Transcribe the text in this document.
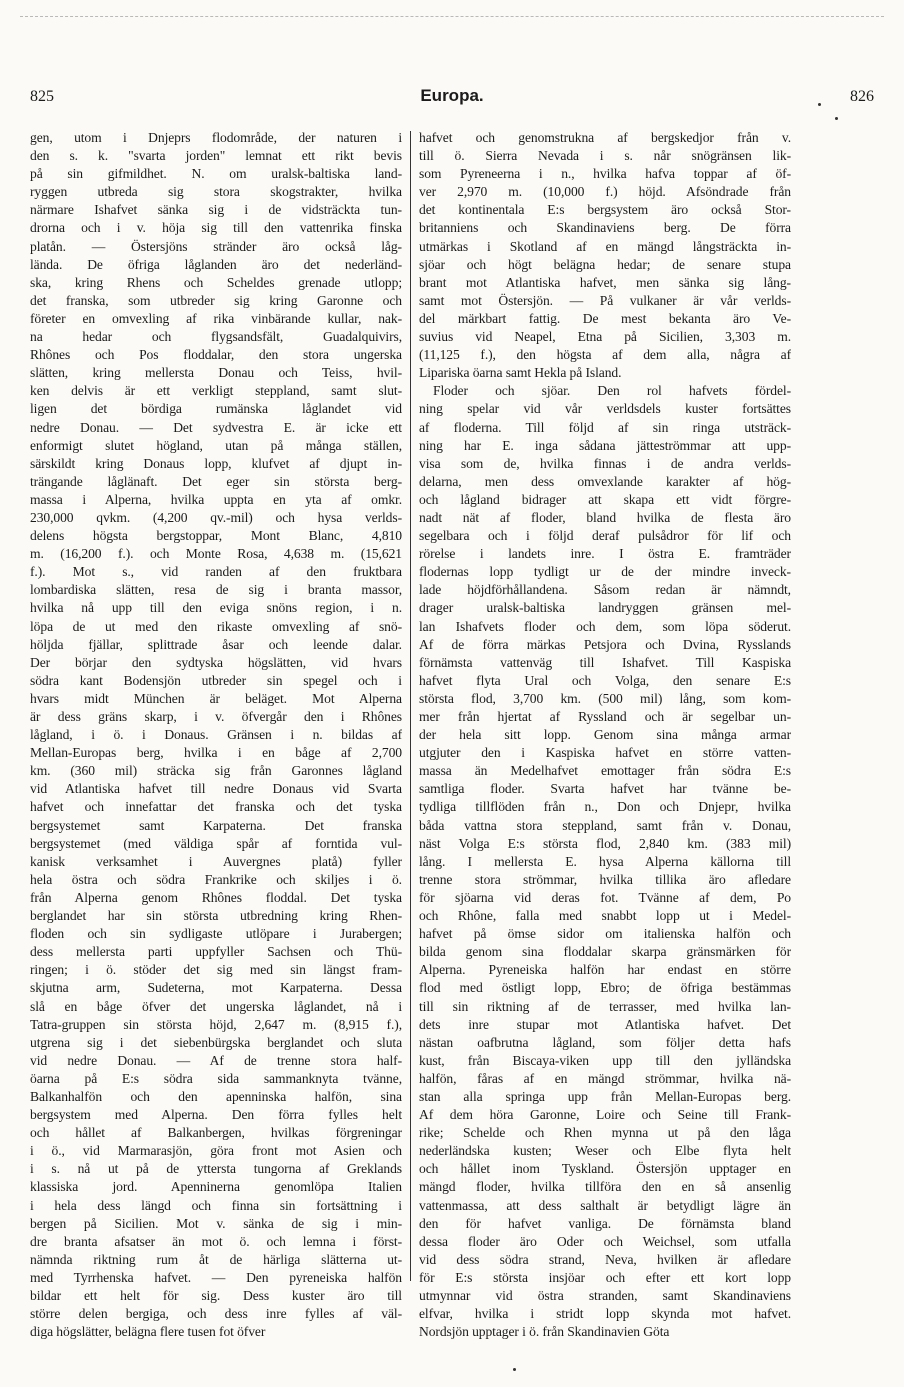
825	Europa.	826
gen, utom i Dnjeprs flodområde, der naturen i
den s. k. "svarta jorden" lemnat ett rikt bevis
på sin gifmildhet. N. om uralsk-baltiska land-
ryggen utbreda sig stora skogstrakter, hvilka
närmare Ishafvet sänka sig i de vidsträckta tun-
drorna och i v. höja sig till den vattenrika finska
platån. — Östersjöns stränder äro också låg-
lända. De öfriga låglanden äro det nederländ-
ska, kring Rhens och Scheldes grenade utlopp;
det franska, som utbreder sig kring Garonne och
företer en omvexling af rika vinbärande kullar, nak-
na hedar och flygsandsfält, Guadalquivirs,
Rhônes och Pos floddalar, den stora ungerska
slätten, kring mellersta Donau och Teiss, hvil-
ken delvis är ett verkligt steppland, samt slut-
ligen det bördiga rumänska låglandet vid
nedre Donau. — Det sydvestra E. är icke ett
enformigt slutet högland, utan på många ställen,
särskildt kring Donaus lopp, klufvet af djupt in-
trängande låglänaft. Det eger sin största berg-
massa i Alperna, hvilka uppta en yta af omkr.
230,000 qvkm. (4,200 qv.-mil) och hysa verlds-
delens högsta bergstoppar, Mont Blanc, 4,810
m. (16,200 f.). och Monte Rosa, 4,638 m. (15,621
f.). Mot s., vid randen af den fruktbara
lombardiska slätten, resa de sig i branta massor,
hvilka nå upp till den eviga snöns region, i n.
löpa de ut med den rikaste omvexling af snö-
höljda fjällar, splittrade åsar och leende dalar.
Der börjar den sydtyska högslätten, vid hvars
södra kant Bodensjön utbreder sin spegel och i
hvars midt München är beläget. Mot Alperna
är dess gräns skarp, i v. öfvergår den i Rhônes
lågland, i ö. i Donaus. Gränsen i n. bildas af
Mellan-Europas berg, hvilka i en båge af 2,700
km. (360 mil) sträcka sig från Garonnes lågland
vid Atlantiska hafvet till nedre Donaus vid Svarta
hafvet och innefattar det franska och det tyska
bergsystemet samt Karpaterna. Det franska
bergsystemet (med väldiga spår af forntida vul-
kanisk verksamhet i Auvergnes platå) fyller
hela östra och södra Frankrike och skiljes i ö.
från Alperna genom Rhônes floddal. Det tyska
berglandet har sin största utbredning kring Rhen-
floden och sin sydligaste utlöpare i Jurabergen;
dess mellersta parti uppfyller Sachsen och Thü-
ringen; i ö. stöder det sig med sin längst fram-
skjutna arm, Sudeterna, mot Karpaterna. Dessa
slå en båge öfver det ungerska låglandet, nå i
Tatra-gruppen sin största höjd, 2,647 m. (8,915 f.),
utgrena sig i det siebenbürgska berglandet och sluta
vid nedre Donau. — Af de trenne stora half-
öarna på E:s södra sida sammanknyta tvänne,
Balkanhalfön och den apenninska halfön, sina
bergsystem med Alperna. Den förra fylles helt
och hållet af Balkanbergen, hvilkas förgreningar
i ö., vid Marmarasjön, göra front mot Asien och
i s. nå ut på de yttersta tungorna af Greklands
klassiska jord. Apenninerna genomlöpa Italien
i hela dess längd och finna sin fortsättning i
bergen på Sicilien. Mot v. sänka de sig i min-
dre branta afsatser än mot ö. och lemna i först-
nämnda riktning rum åt de härliga slätterna ut-
med Tyrrhenska hafvet. — Den pyreneiska halfön
bildar ett helt för sig. Dess kuster äro till
större delen bergiga, och dess inre fylles af väl-
diga högslätter, belägna flere tusen fot öfver
hafvet och genomstrukna af bergskedjor från v.
till ö. Sierra Nevada i s. når snögränsen lik-
som Pyreneerna i n., hvilka hafva toppar af öf-
ver 2,970 m. (10,000 f.) höjd. Afsöndrade från
det kontinentala E:s bergsystem äro också Stor-
britanniens och Skandinaviens berg. De förra
utmärkas i Skotland af en mängd långsträckta in-
sjöar och högt belägna hedar; de senare stupa
brant mot Atlantiska hafvet, men sänka sig lång-
samt mot Östersjön. — På vulkaner är vår verlds-
del märkbart fattig. De mest bekanta äro Ve-
suvius vid Neapel, Etna på Sicilien, 3,303 m.
(11,125 f.), den högsta af dem alla, några af
Lipariska öarna samt Hekla på Island.
Floder och sjöar. Den rol hafvets fördel-
ning spelar vid vår verldsdels kuster fortsättes
af floderna. Till följd af sin ringa utsträck-
ning har E. inga sådana jätteströmmar att upp-
visa som de, hvilka finnas i de andra verlds-
delarna, men dess omvexlande karakter af hög-
och lågland bidrager att skapa ett vidt förgre-
nadt nät af floder, bland hvilka de flesta äro
segelbara och i följd deraf pulsådror för lif och
rörelse i landets inre. I östra E. framträder
flodernas lopp tydligt ur de der mindre inveck-
lade höjdförhållandena. Såsom redan är nämndt,
drager uralsk-baltiska landryggen gränsen mel-
lan Ishafvets floder och dem, som löpa söderut.
Af de förra märkas Petsjora och Dvina, Rysslands
förnämsta vattenväg till Ishafvet. Till Kaspiska
hafvet flyta Ural och Volga, den senare E:s
största flod, 3,700 km. (500 mil) lång, som kom-
mer från hjertat af Ryssland och är segelbar un-
der hela sitt lopp. Genom sina många armar
utgjuter den i Kaspiska hafvet en större vatten-
massa än Medelhafvet emottager från södra E:s
samtliga floder. Svarta hafvet har tvänne be-
tydliga tillflöden från n., Don och Dnjepr, hvilka
båda vattna stora steppland, samt från v. Donau,
näst Volga E:s största flod, 2,840 km. (383 mil)
lång. I mellersta E. hysa Alperna källorna till
trenne stora strömmar, hvilka tillika äro afledare
för sjöarna vid deras fot. Tvänne af dem, Po
och Rhône, falla med snabbt lopp ut i Medel-
hafvet på ömse sidor om italienska halfön och
bilda genom sina floddalar skarpa gränsmärken för
Alperna. Pyreneiska halfön har endast en större
flod med östligt lopp, Ebro; de öfriga bestämmas
till sin riktning af de terrasser, med hvilka lan-
dets inre stupar mot Atlantiska hafvet. Det
nästan oafbrutna lågland, som följer detta hafs
kust, från Biscaya-viken upp till den jylländska
halfön, fåras af en mängd strömmar, hvilka nä-
stan alla springa upp från Mellan-Europas berg.
Af dem höra Garonne, Loire och Seine till Frank-
rike; Schelde och Rhen mynna ut på den låga
nederländska kusten; Weser och Elbe flyta helt
och hållet inom Tyskland. Östersjön upptager en
mängd floder, hvilka tillföra den en så ansenlig
vattenmassa, att dess salthalt är betydligt lägre än
den för hafvet vanliga. De förnämsta bland
dessa floder äro Oder och Weichsel, som utfalla
vid dess södra strand, Neva, hvilken är afledare
för E:s största insjöar och efter ett kort lopp
utmynnar vid östra stranden, samt Skandinaviens
elfvar, hvilka i stridt lopp skynda mot hafvet.
Nordsjön upptager i ö. från Skandinavien Göta
